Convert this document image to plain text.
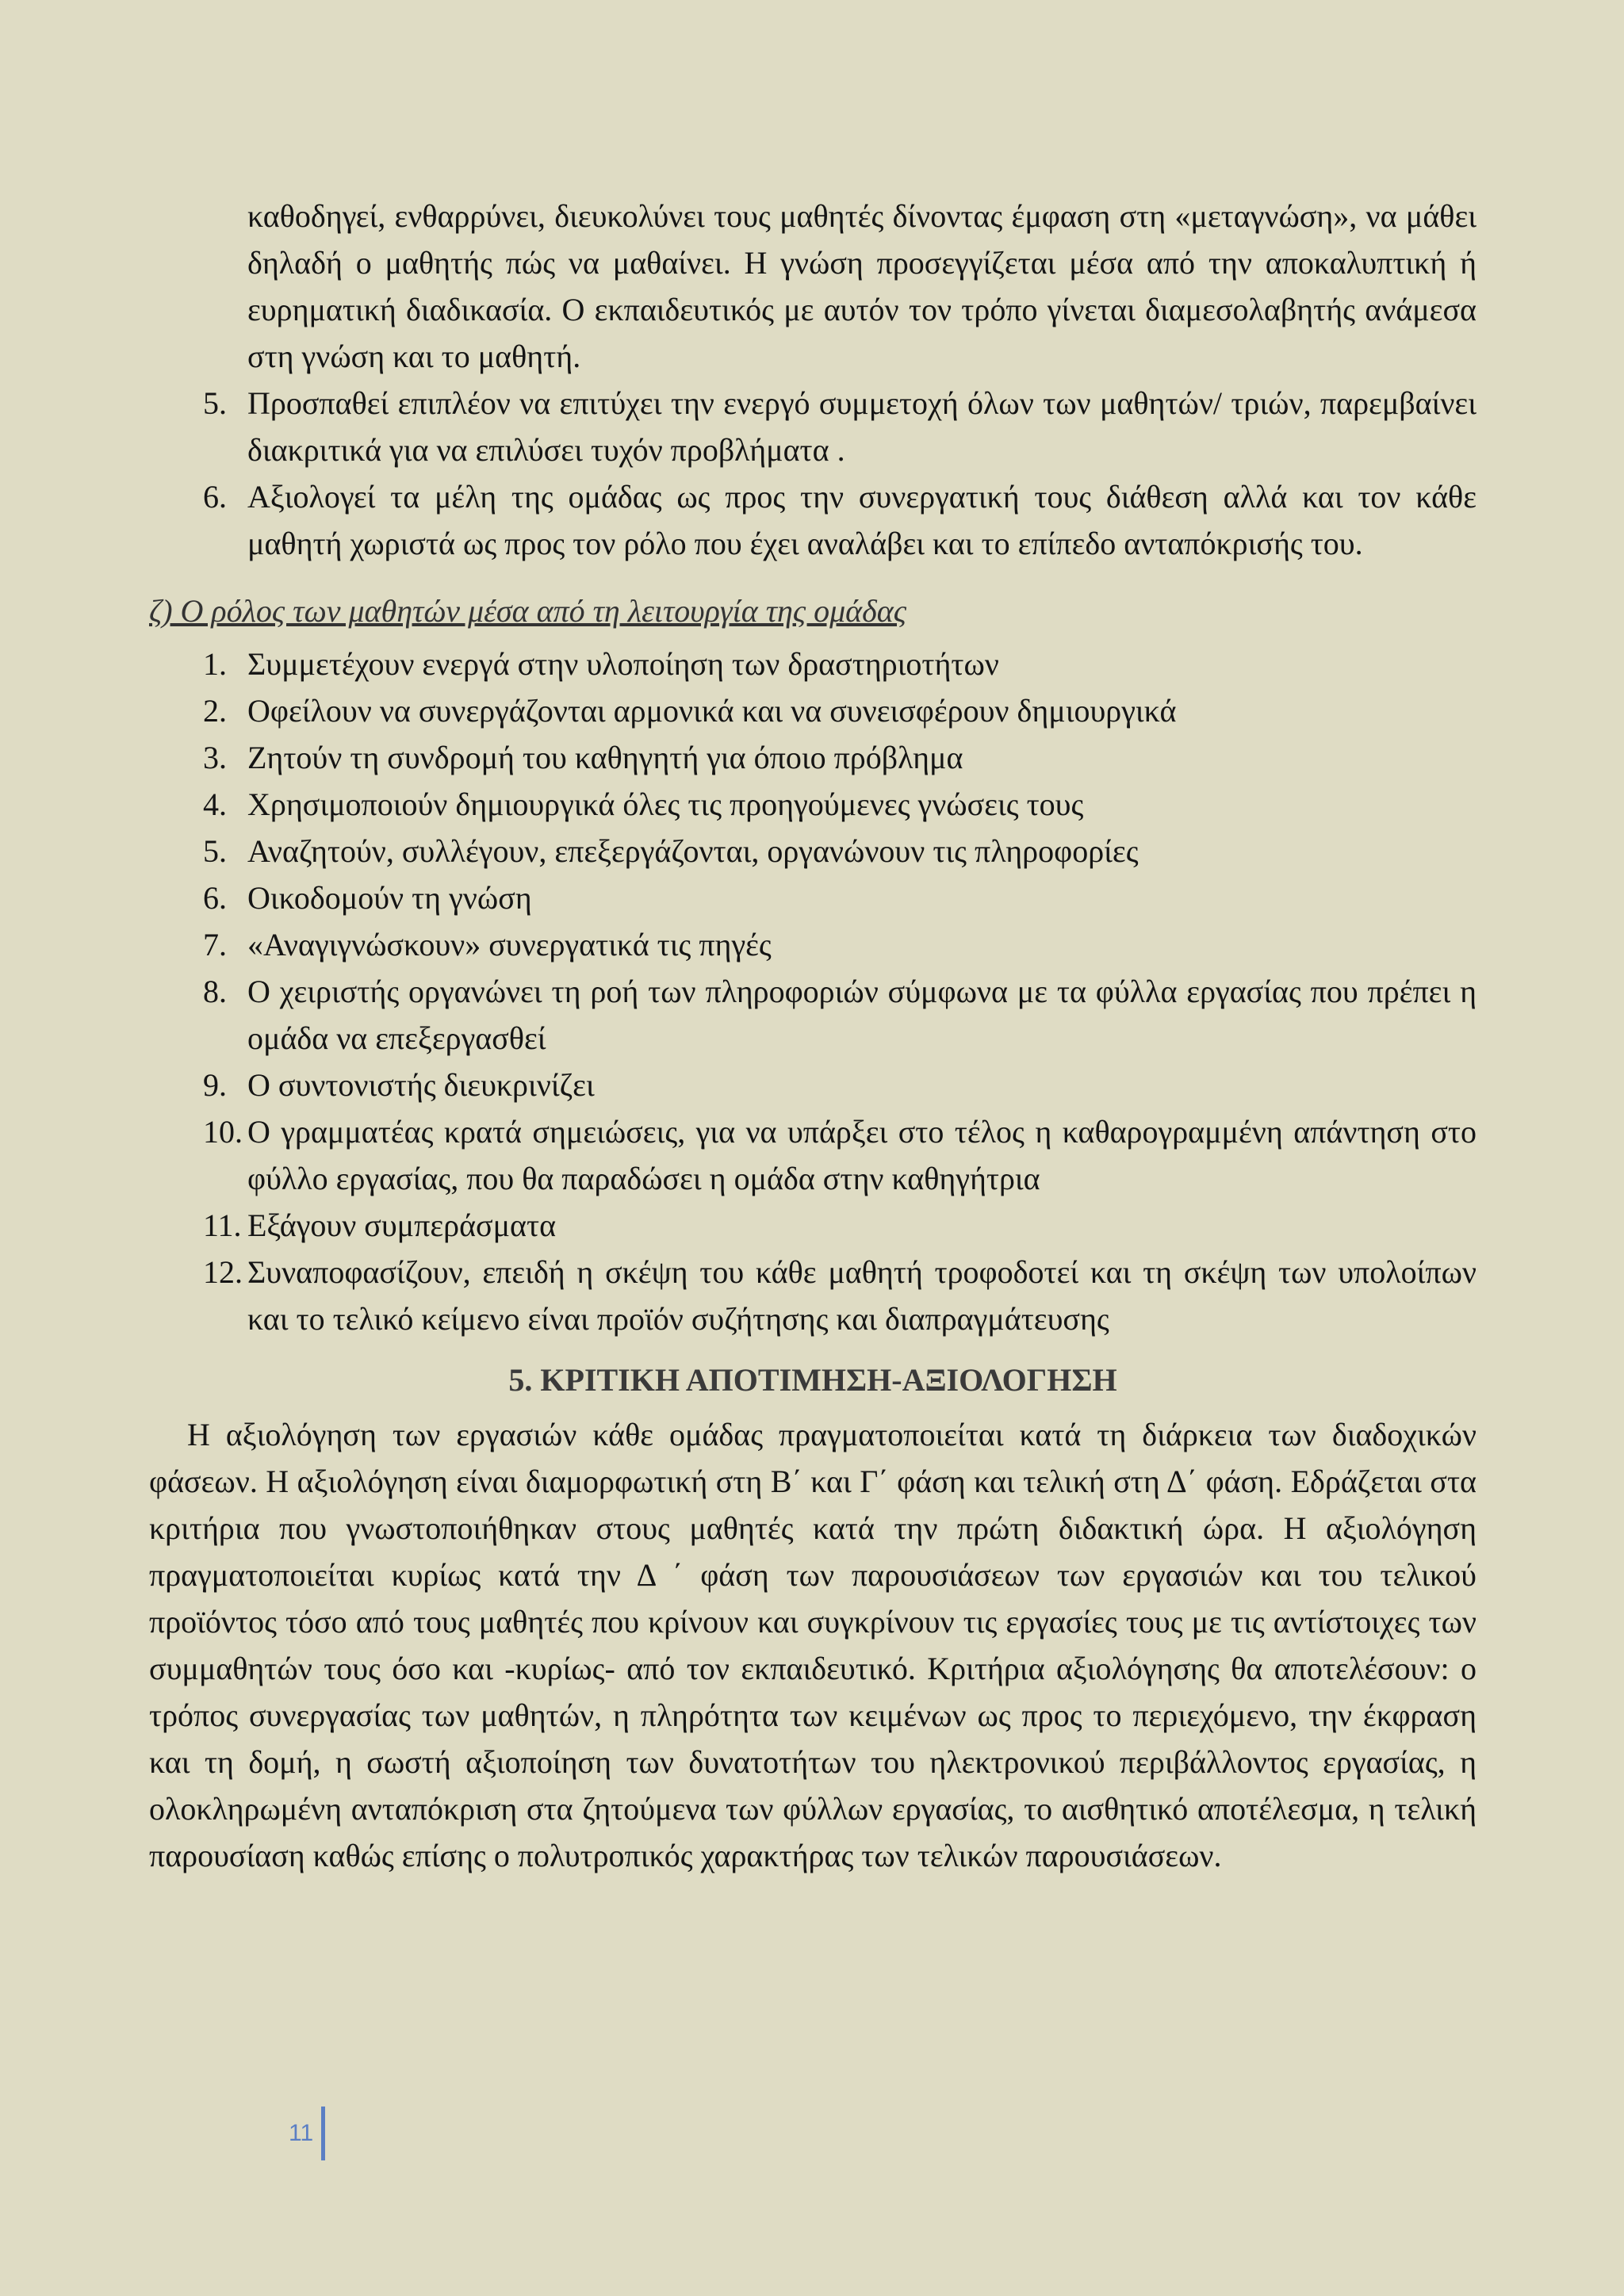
καθοδηγεί, ενθαρρύνει, διευκολύνει τους μαθητές δίνοντας έμφαση στη «μεταγνώση», να μάθει δηλαδή ο μαθητής πώς να μαθαίνει. Η γνώση προσεγγίζεται μέσα από την αποκαλυπτική ή ευρηματική διαδικασία. Ο εκπαιδευτικός με αυτόν τον τρόπο γίνεται διαμεσολαβητής ανάμεσα στη γνώση και το μαθητή.
5. Προσπαθεί επιπλέον να επιτύχει την ενεργό συμμετοχή όλων των μαθητών/ τριών, παρεμβαίνει διακριτικά για να επιλύσει τυχόν προβλήματα .
6. Αξιολογεί τα μέλη της ομάδας ως προς την συνεργατική τους διάθεση αλλά και τον κάθε μαθητή χωριστά ως προς τον ρόλο που έχει αναλάβει και το επίπεδο ανταπόκρισής του.
ζ) Ο ρόλος των μαθητών μέσα από τη λειτουργία της ομάδας
1. Συμμετέχουν ενεργά στην υλοποίηση των δραστηριοτήτων
2. Οφείλουν να συνεργάζονται αρμονικά και να συνεισφέρουν δημιουργικά
3. Ζητούν τη συνδρομή του καθηγητή για όποιο πρόβλημα
4. Χρησιμοποιούν δημιουργικά όλες τις προηγούμενες γνώσεις τους
5. Αναζητούν, συλλέγουν, επεξεργάζονται, οργανώνουν τις πληροφορίες
6. Οικοδομούν τη γνώση
7. «Αναγιγνώσκουν» συνεργατικά τις πηγές
8. Ο χειριστής οργανώνει τη ροή των πληροφοριών σύμφωνα με τα φύλλα εργασίας που πρέπει η ομάδα να επεξεργασθεί
9. Ο συντονιστής διευκρινίζει
10. Ο γραμματέας κρατά σημειώσεις, για να υπάρξει στο τέλος η καθαρογραμμένη απάντηση στο φύλλο εργασίας, που θα παραδώσει η ομάδα στην καθηγήτρια
11. Εξάγουν συμπεράσματα
12. Συναποφασίζουν, επειδή η σκέψη του κάθε μαθητή τροφοδοτεί και τη σκέψη των υπολοίπων και το τελικό κείμενο είναι προϊόν συζήτησης και διαπραγμάτευσης
5. ΚΡΙΤΙΚΗ ΑΠΟΤΙΜΗΣΗ-ΑΞΙΟΛΟΓΗΣΗ
Η αξιολόγηση των εργασιών κάθε ομάδας πραγματοποιείται κατά τη διάρκεια των διαδοχικών φάσεων. Η αξιολόγηση είναι διαμορφωτική στη Β΄ και Γ΄ φάση και τελική στη Δ΄ φάση. Εδράζεται στα κριτήρια που γνωστοποιήθηκαν στους μαθητές κατά την πρώτη διδακτική ώρα. Η αξιολόγηση πραγματοποιείται κυρίως κατά την Δ ΄ φάση των παρουσιάσεων των εργασιών και του τελικού προϊόντος τόσο από τους μαθητές που κρίνουν και συγκρίνουν τις εργασίες τους με τις αντίστοιχες των συμμαθητών τους όσο και -κυρίως- από τον εκπαιδευτικό. Κριτήρια αξιολόγησης θα αποτελέσουν: ο τρόπος συνεργασίας των μαθητών, η πληρότητα των κειμένων ως προς το περιεχόμενο, την έκφραση και τη δομή, η σωστή αξιοποίηση των δυνατοτήτων του ηλεκτρονικού περιβάλλοντος εργασίας, η ολοκληρωμένη ανταπόκριση στα ζητούμενα των φύλλων εργασίας, το αισθητικό αποτέλεσμα, η τελική παρουσίαση καθώς επίσης ο πολυτροπικός χαρακτήρας των τελικών παρουσιάσεων.
11
